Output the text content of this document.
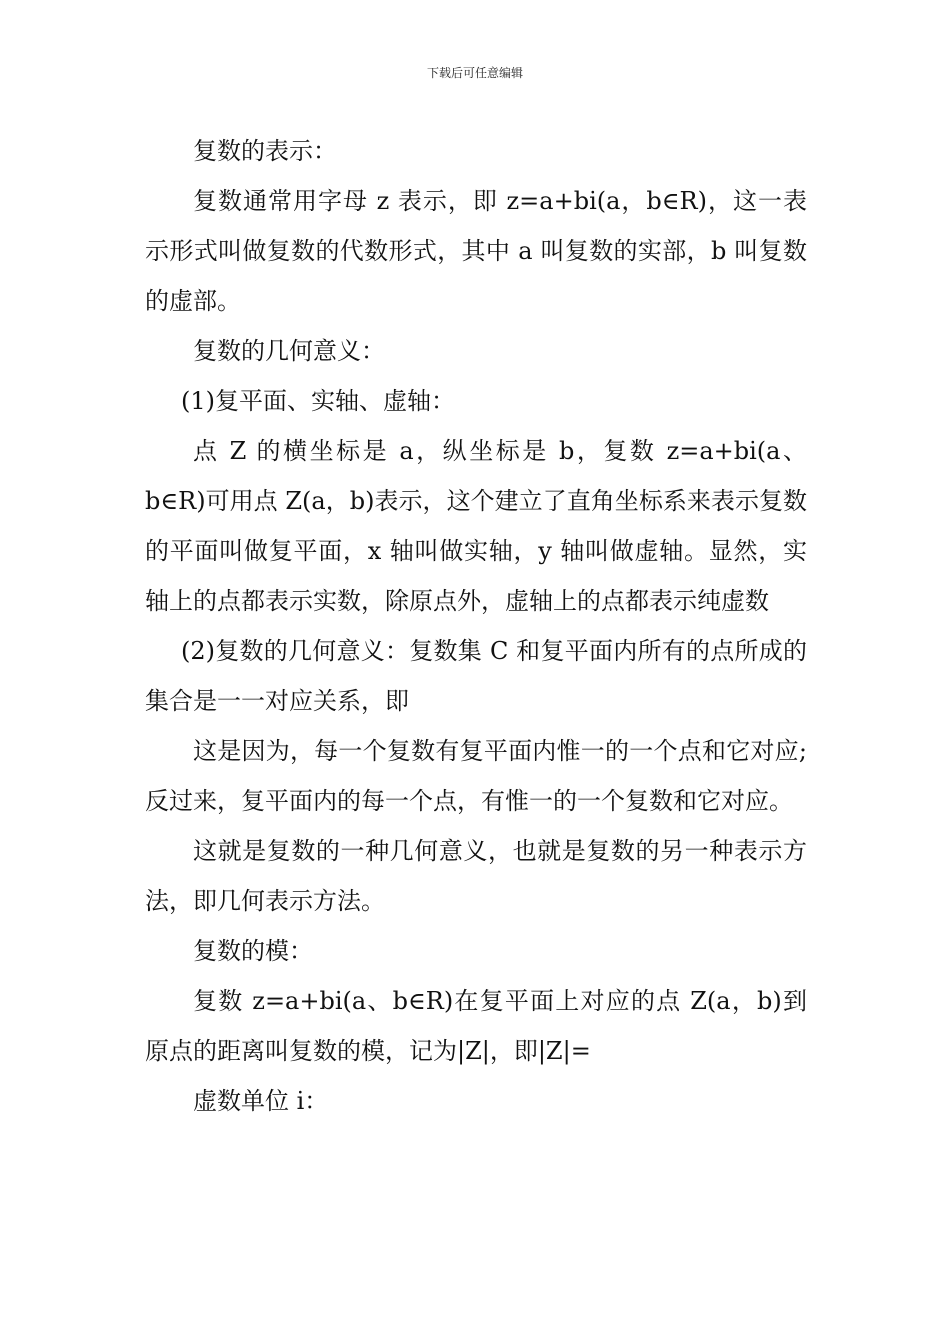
下载后可任意编辑

复数的表示：

复数通常用字母 z 表示，即 z=a+bi(a，b∈R)，这一表示形式叫做复数的代数形式，其中 a 叫复数的实部，b 叫复数的虚部。

复数的几何意义：

(1)复平面、实轴、虚轴：

点 Z 的横坐标是 a，纵坐标是 b，复数 z=a+bi(a、b∈R)可用点 Z(a，b)表示，这个建立了直角坐标系来表示复数的平面叫做复平面，x 轴叫做实轴，y 轴叫做虚轴。显然，实轴上的点都表示实数，除原点外，虚轴上的点都表示纯虚数

(2)复数的几何意义：复数集 C 和复平面内所有的点所成的集合是一一对应关系，即

这是因为，每一个复数有复平面内惟一的一个点和它对应;反过来，复平面内的每一个点，有惟一的一个复数和它对应。

这就是复数的一种几何意义，也就是复数的另一种表示方法，即几何表示方法。

复数的模：

复数 z=a+bi(a、b∈R)在复平面上对应的点 Z(a，b)到原点的距离叫复数的模，记为|Z|，即|Z|=

虚数单位 i：
